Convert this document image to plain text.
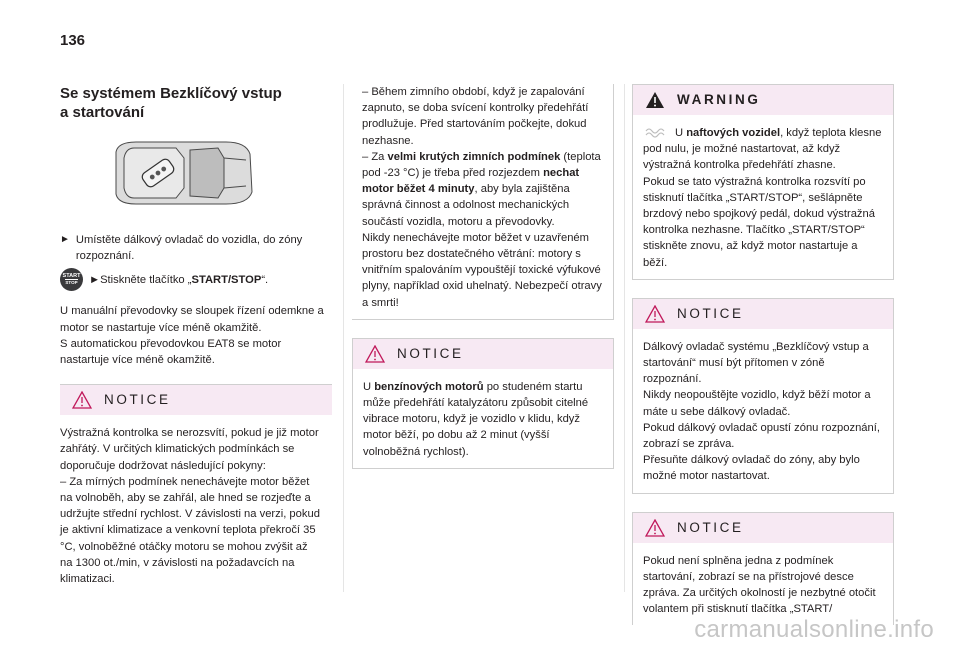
136
Se systémem Bezklíčový vstup
a startování

► Umístěte dálkový ovladač do vozidla, do zóny rozpoznání.

START
STOP ► Stiskněte tlačítko „START/STOP“.

U manuální převodovky se sloupek řízení odemkne a motor se nastartuje více méně okamžitě.

S automatickou převodovkou EAT8 se motor nastartuje více méně okamžitě.

NOTICE
Výstražná kontrolka se nerozsvítí, pokud je již motor zahřátý. V určitých klimatických podmínkách se doporučuje dodržovat následující pokyny:
– Za mírných podmínek nenechávejte motor běžet na volnoběh, aby se zahřál, ale hned se rozjeďte a udržujte střední rychlost. V závislosti na verzi, pokud je aktivní klimatizace a venkovní teplota překročí 35 °C, volnoběžné otáčky motoru se mohou zvýšit až na 1300 ot./min, v závislosti na požadavcích na klimatizaci.

– Během zimního období, když je zapalování zapnuto, se doba svícení kontrolky předehřátí prodlužuje. Před startováním počkejte, dokud nezhasne.

– Za velmi krutých zimních podmínek (teplota pod -23 °C) je třeba před rozjezdem nechat motor běžet 4 minuty, aby byla zajištěna správná činnost a odolnost mechanických součástí vozidla, motoru a převodovky.

Nikdy nenechávejte motor běžet v uzavřeném prostoru bez dostatečného větrání: motory s vnitřním spalováním vypouštějí toxické výfukové plyny, například oxid uhelnatý. Nebezpečí otravy a smrti!

NOTICE
U benzínových motorů po studeném startu může předehřátí katalyzátoru způsobit citelné vibrace motoru, když je vozidlo v klidu, když motor běží, po dobu až 2 minut (vyšší volnoběžná rychlost).
WARNING

U naftových vozidel, když teplota klesne pod nulu, je možné nastartovat, až když výstražná kontrolka předehřátí zhasne.

Pokud se tato výstražná kontrolka rozsvítí po stisknutí tlačítka „START/STOP“, sešlápněte brzdový nebo spojkový pedál, dokud výstražná kontrolka nezhasne. Tlačítko „START/STOP“ stiskněte znovu, až když motor nastartuje a běží.

NOTICE
Dálkový ovladač systému „Bezklíčový vstup a startování“ musí být přítomen v zóně rozpoznání.
Nikdy neopouštějte vozidlo, když běží motor a máte u sebe dálkový ovladač.
Pokud dálkový ovladač opustí zónu rozpoznání, zobrazí se zpráva.
Přesuňte dálkový ovladač do zóny, aby bylo možné motor nastartovat.
NOTICE
Pokud není splněna jedna z podmínek startování, zobrazí se na přístrojové desce zpráva. Za určitých okolností je nezbytné otočit volantem při stisknutí tlačítka „START/
carmanualsonline.info
